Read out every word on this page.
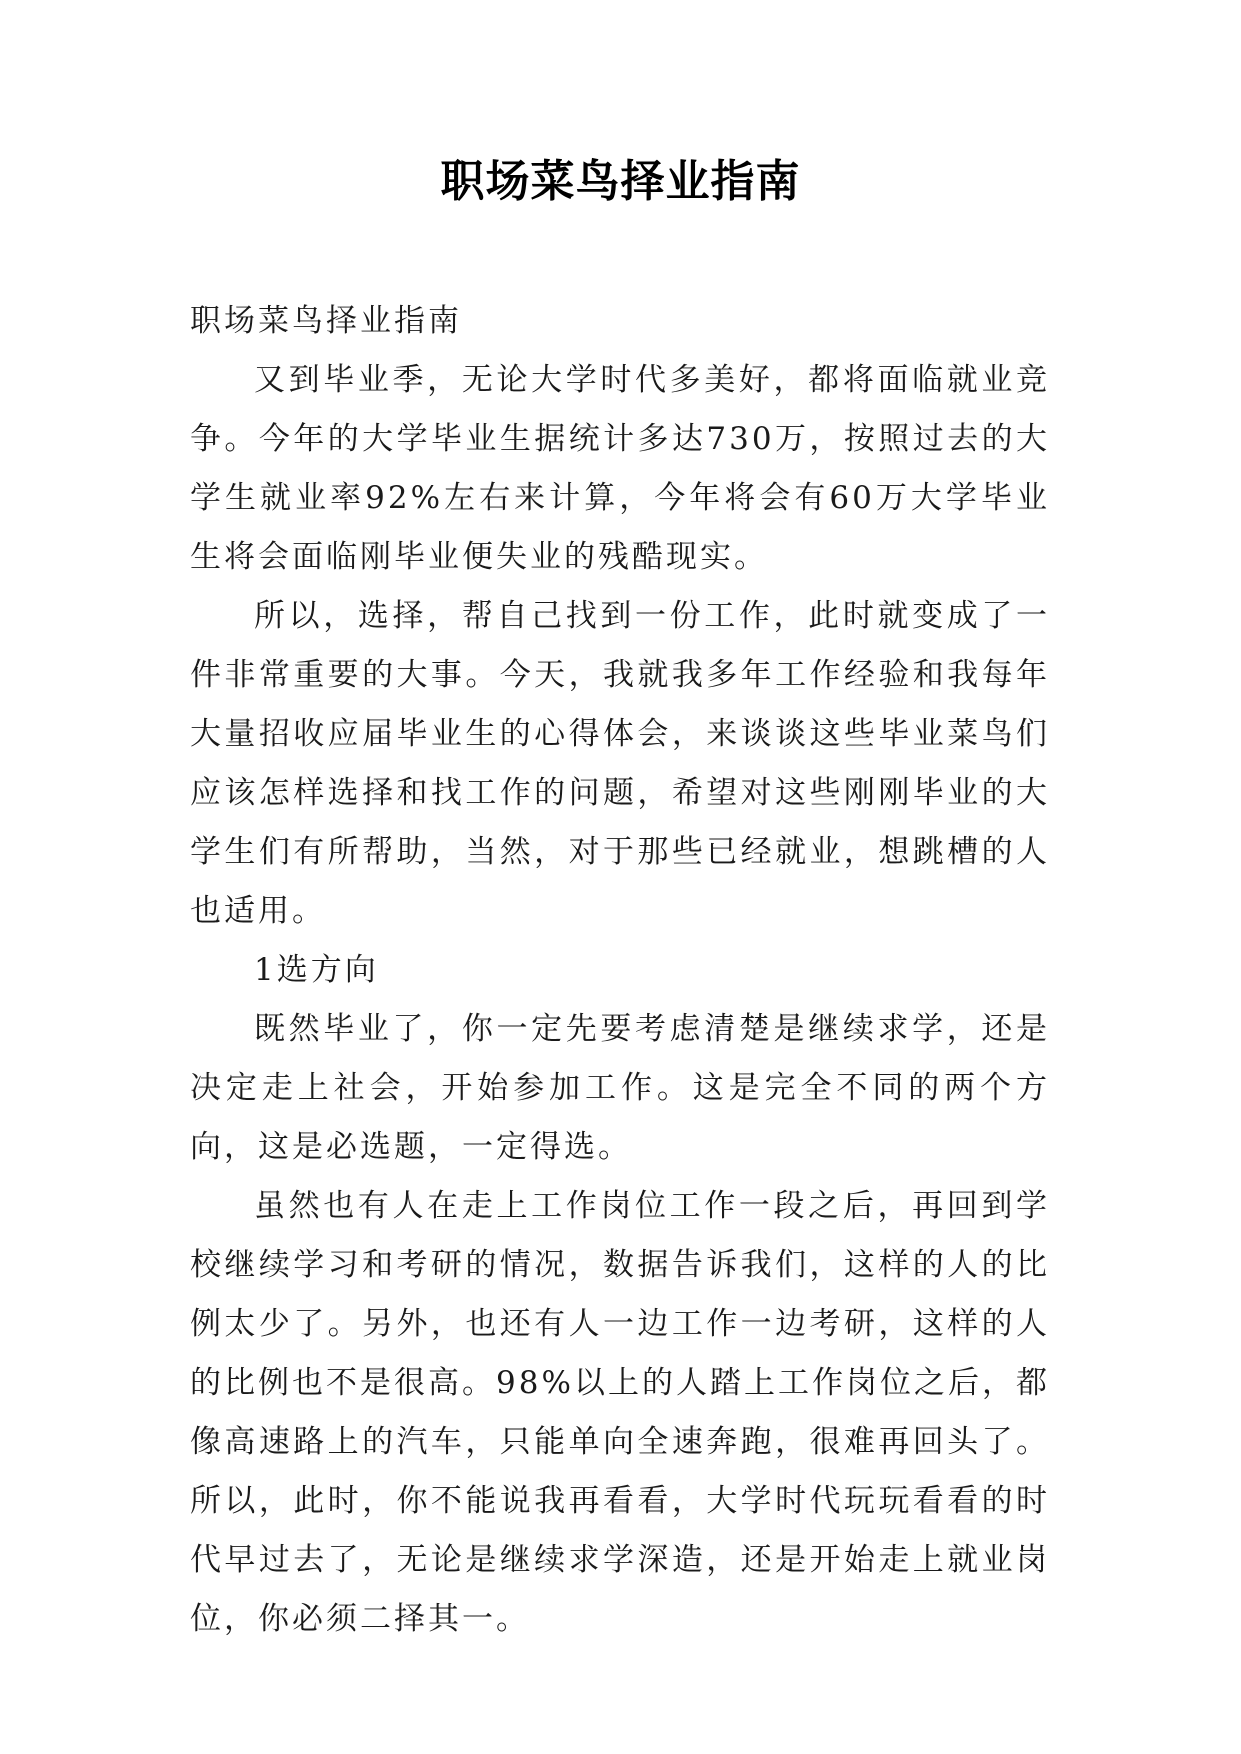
职场菜鸟择业指南

职场菜鸟择业指南

又到毕业季，无论大学时代多美好，都将面临就业竞争。今年的大学毕业生据统计多达730万，按照过去的大学生就业率92%左右来计算，今年将会有60万大学毕业生将会面临刚毕业便失业的残酷现实。

所以，选择，帮自己找到一份工作，此时就变成了一件非常重要的大事。今天，我就我多年工作经验和我每年大量招收应届毕业生的心得体会，来谈谈这些毕业菜鸟们应该怎样选择和找工作的问题，希望对这些刚刚毕业的大学生们有所帮助，当然，对于那些已经就业，想跳槽的人也适用。

1选方向

既然毕业了，你一定先要考虑清楚是继续求学，还是决定走上社会，开始参加工作。这是完全不同的两个方向，这是必选题，一定得选。

虽然也有人在走上工作岗位工作一段之后，再回到学校继续学习和考研的情况，数据告诉我们，这样的人的比例太少了。另外，也还有人一边工作一边考研，这样的人的比例也不是很高。98%以上的人踏上工作岗位之后，都像高速路上的汽车，只能单向全速奔跑，很难再回头了。所以，此时，你不能说我再看看，大学时代玩玩看看的时代早过去了，无论是继续求学深造，还是开始走上就业岗位，你必须二择其一。
